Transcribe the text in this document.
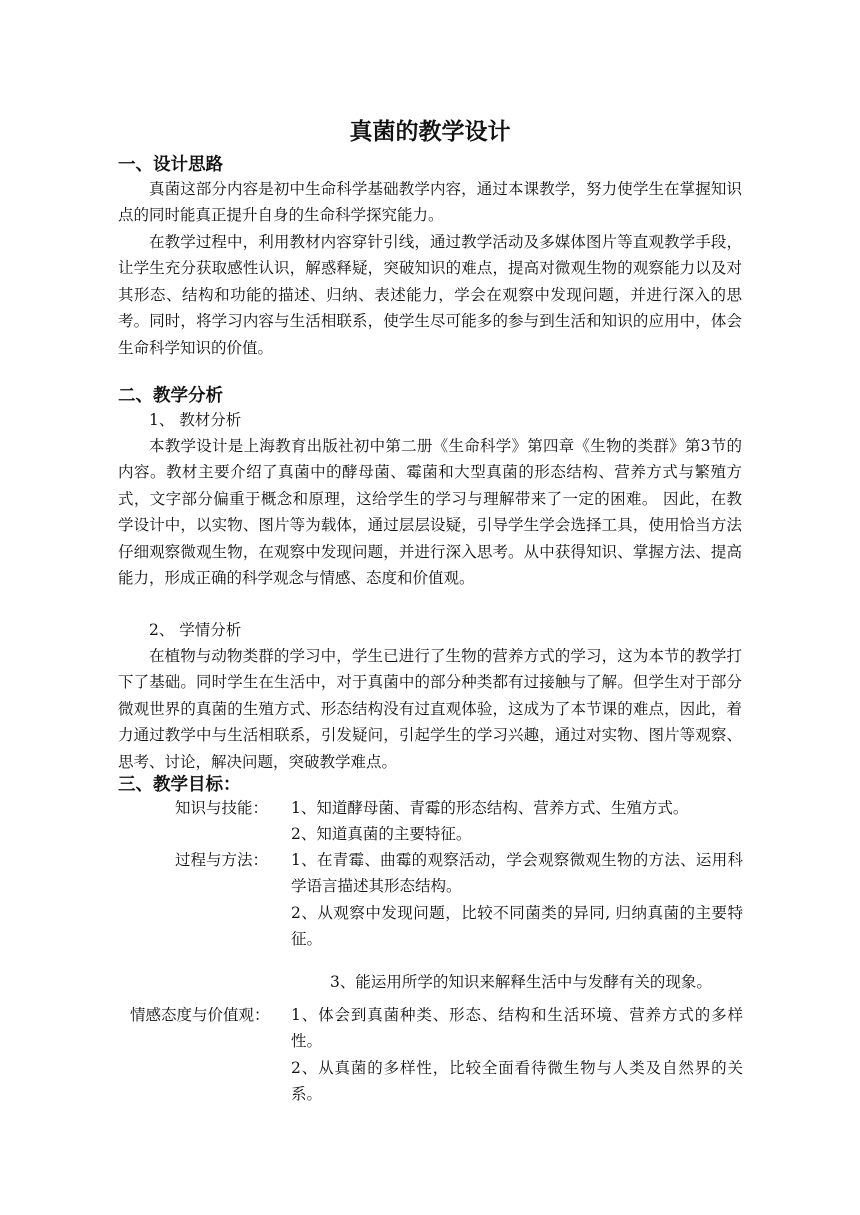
真菌的教学设计
一、设计思路
真菌这部分内容是初中生命科学基础教学内容，通过本课教学，努力使学生在掌握知识点的同时能真正提升自身的生命科学探究能力。
在教学过程中，利用教材内容穿针引线，通过教学活动及多媒体图片等直观教学手段，让学生充分获取感性认识，解惑释疑，突破知识的难点，提高对微观生物的观察能力以及对其形态、结构和功能的描述、归纳、表述能力，学会在观察中发现问题，并进行深入的思考。同时，将学习内容与生活相联系，使学生尽可能多的参与到生活和知识的应用中，体会生命科学知识的价值。
二、教学分析
1、 教材分析
本教学设计是上海教育出版社初中第二册《生命科学》第四章《生物的类群》第3节的内容。教材主要介绍了真菌中的酵母菌、霉菌和大型真菌的形态结构、营养方式与繁殖方式，文字部分偏重于概念和原理，这给学生的学习与理解带来了一定的困难。 因此，在教学设计中，以实物、图片等为载体，通过层层设疑，引导学生学会选择工具，使用恰当方法仔细观察微观生物，在观察中发现问题，并进行深入思考。从中获得知识、掌握方法、提高能力，形成正确的科学观念与情感、态度和价值观。
2、 学情分析
在植物与动物类群的学习中，学生已进行了生物的营养方式的学习，这为本节的教学打下了基础。同时学生在生活中，对于真菌中的部分种类都有过接触与了解。但学生对于部分微观世界的真菌的生殖方式、形态结构没有过直观体验，这成为了本节课的难点，因此，着力通过教学中与生活相联系，引发疑问，引起学生的学习兴趣，通过对实物、图片等观察、思考、讨论，解决问题，突破教学难点。
三、教学目标：
知识与技能： 1、知道酵母菌、青霉的形态结构、营养方式、生殖方式。
2、知道真菌的主要特征。
过程与方法： 1、在青霉、曲霉的观察活动，学会观察微观生物的方法、运用科学语言描述其形态结构。
2、从观察中发现问题，比较不同菌类的异同, 归纳真菌的主要特征。
3、能运用所学的知识来解释生活中与发酵有关的现象。
情感态度与价值观： 1、体会到真菌种类、形态、结构和生活环境、营养方式的多样性。
2、从真菌的多样性，比较全面看待微生物与人类及自然界的关系。
